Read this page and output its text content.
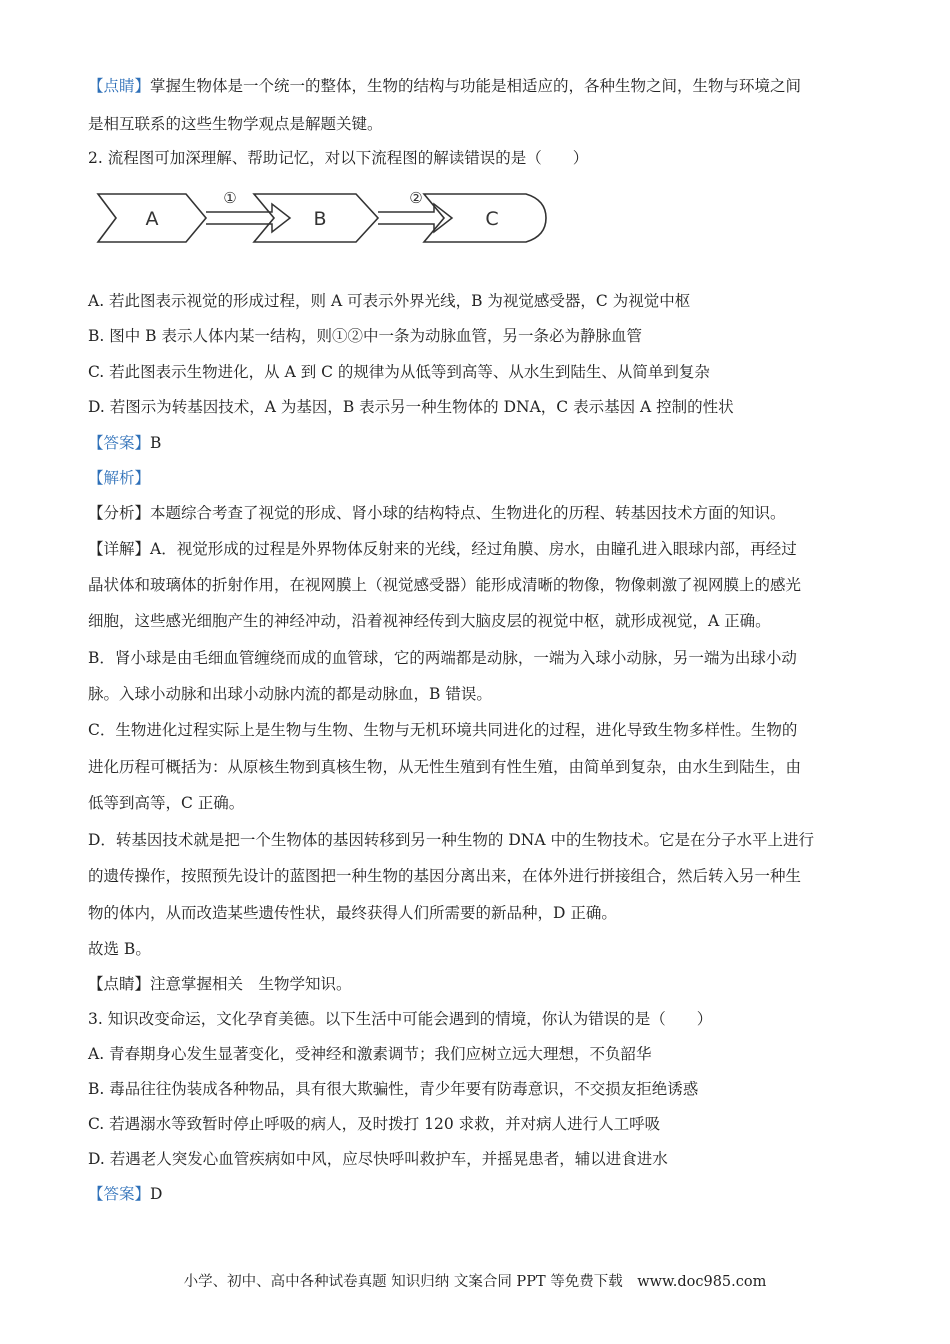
【点睛】掌握生物体是一个统一的整体，生物的结构与功能是相适应的，各种生物之间，生物与环境之间
是相互联系的这些生物学观点是解题关键。
2. 流程图可加深理解、帮助记忆，对以下流程图的解读错误的是（　　）
A
①
B
②
C
A. 若此图表示视觉的形成过程，则 A 可表示外界光线，B 为视觉感受器，C 为视觉中枢
B. 图中 B 表示人体内某一结构，则①②中一条为动脉血管，另一条必为静脉血管
C. 若此图表示生物进化，从 A 到 C 的规律为从低等到高等、从水生到陆生、从简单到复杂
D. 若图示为转基因技术，A 为基因，B 表示另一种生物体的 DNA，C 表示基因 A 控制的性状
【答案】B
【解析】
【分析】本题综合考查了视觉的形成、肾小球的结构特点、生物进化的历程、转基因技术方面的知识。
【详解】A．视觉形成的过程是外界物体反射来的光线，经过角膜、房水，由瞳孔进入眼球内部，再经过
晶状体和玻璃体的折射作用，在视网膜上（视觉感受器）能形成清晰的物像，物像刺激了视网膜上的感光
细胞，这些感光细胞产生的神经冲动，沿着视神经传到大脑皮层的视觉中枢，就形成视觉，A 正确。
B．肾小球是由毛细血管缠绕而成的血管球，它的两端都是动脉，一端为入球小动脉，另一端为出球小动
脉。入球小动脉和出球小动脉内流的都是动脉血，B 错误。
C．生物进化过程实际上是生物与生物、生物与无机环境共同进化的过程，进化导致生物多样性。生物的
进化历程可概括为：从原核生物到真核生物，从无性生殖到有性生殖，由简单到复杂，由水生到陆生，由
低等到高等，C 正确。
D．转基因技术就是把一个生物体的基因转移到另一种生物的 DNA 中的生物技术。它是在分子水平上进行
的遗传操作，按照预先设计的蓝图把一种生物的基因分离出来，在体外进行拼接组合，然后转入另一种生
物的体内，从而改造某些遗传性状，最终获得人们所需要的新品种，D 正确。
故选 B。
【点睛】注意掌握相关　生物学知识。
3. 知识改变命运，文化孕育美德。以下生活中可能会遇到的情境，你认为错误的是（　　）
A. 青春期身心发生显著变化，受神经和激素调节；我们应树立远大理想，不负韶华
B. 毒品往往伪装成各种物品，具有很大欺骗性，青少年要有防毒意识，不交损友拒绝诱惑
C. 若遇溺水等致暂时停止呼吸的病人，及时拨打 120 求救，并对病人进行人工呼吸
D. 若遇老人突发心血管疾病如中风，应尽快呼叫救护车，并摇晃患者，辅以进食进水
【答案】D
小学、初中、高中各种试卷真题 知识归纳 文案合同 PPT 等免费下载　www.doc985.com
